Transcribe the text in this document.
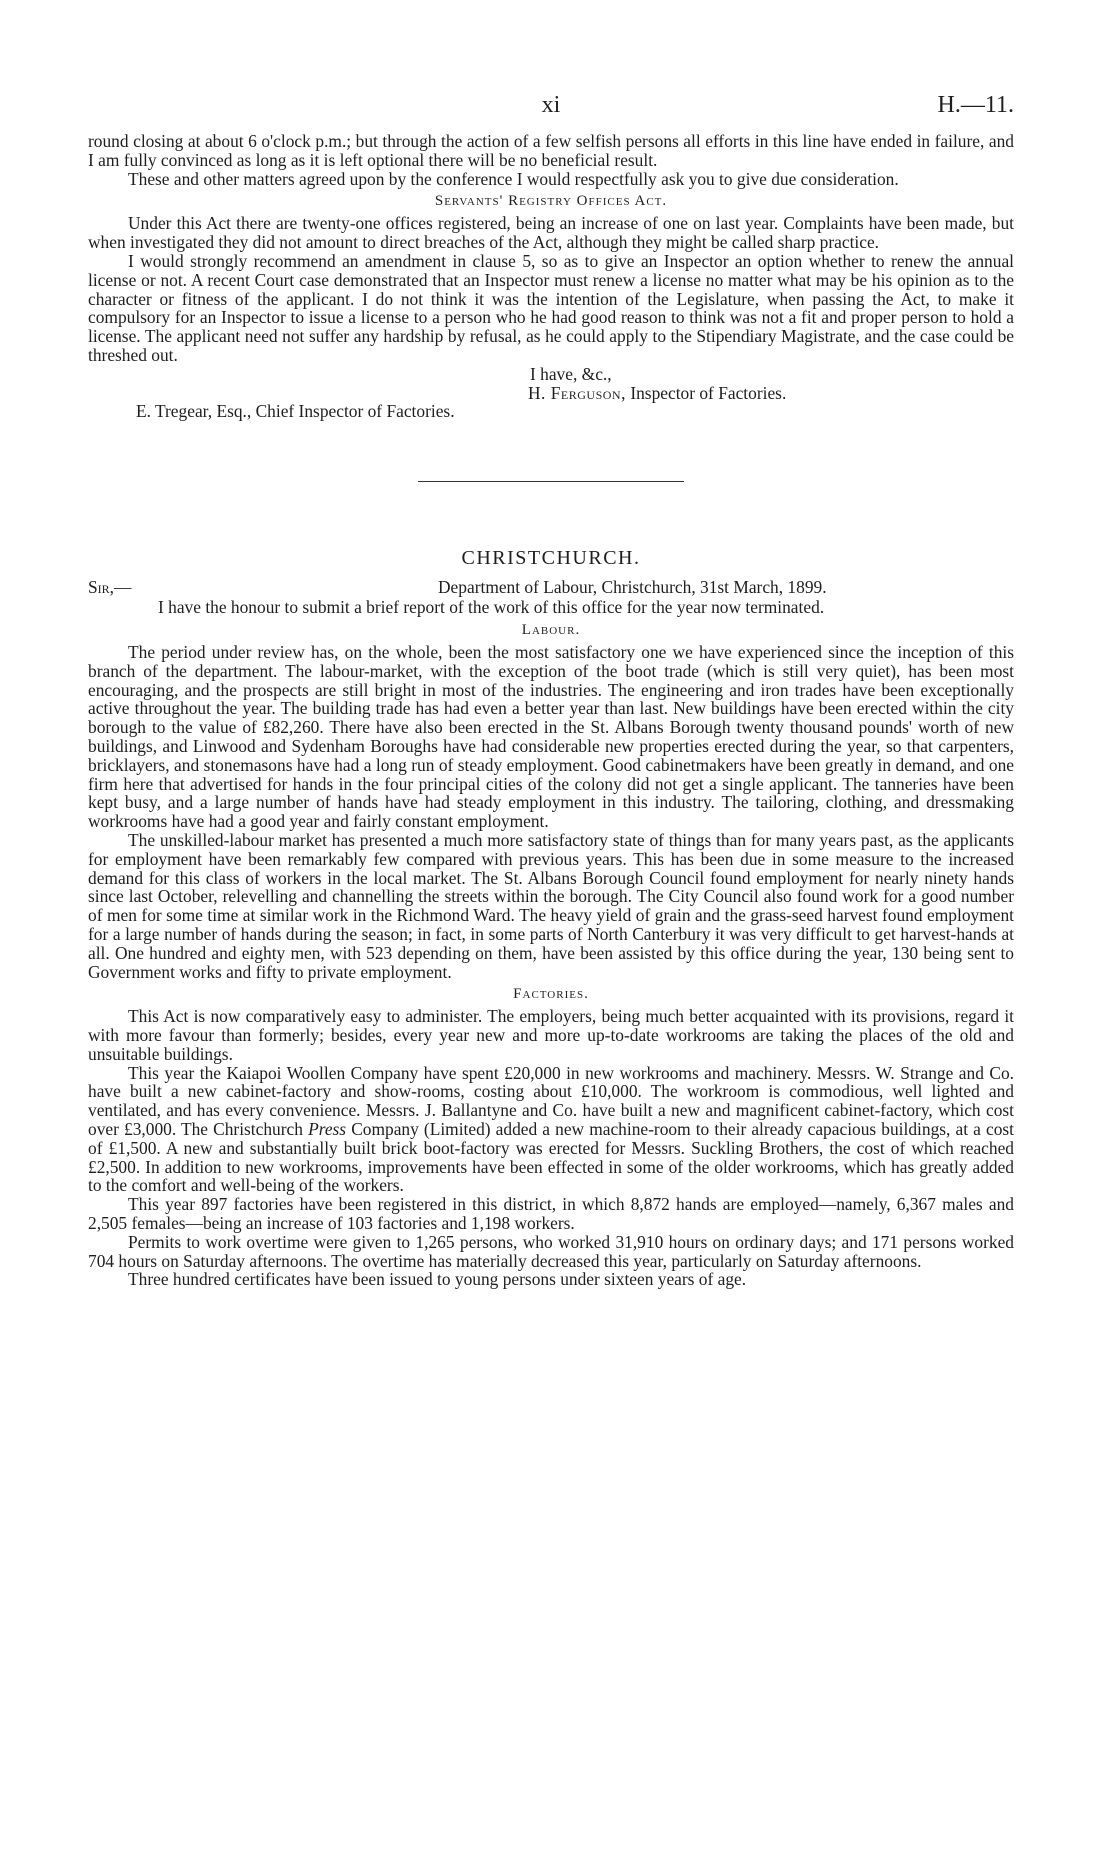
xi	H.—11.

round closing at about 6 o'clock p.m.; but through the action of a few selfish persons all efforts in this line have ended in failure, and I am fully convinced as long as it is left optional there will be no beneficial result.

These and other matters agreed upon by the conference I would respectfully ask you to give due consideration.

Servants' Registry Offices Act.

Under this Act there are twenty-one offices registered, being an increase of one on last year. Complaints have been made, but when investigated they did not amount to direct breaches of the Act, although they might be called sharp practice.

I would strongly recommend an amendment in clause 5, so as to give an Inspector an option whether to renew the annual license or not. A recent Court case demonstrated that an Inspector must renew a license no matter what may be his opinion as to the character or fitness of the applicant. I do not think it was the intention of the Legislature, when passing the Act, to make it compulsory for an Inspector to issue a license to a person who he had good reason to think was not a fit and proper person to hold a license. The applicant need not suffer any hardship by refusal, as he could apply to the Stipendiary Magistrate, and the case could be threshed out.

I have, &c.,
H. Ferguson, Inspector of Factories.
E. Tregear, Esq., Chief Inspector of Factories.
CHRISTCHURCH.
Sir,—	Department of Labour, Christchurch, 31st March, 1899.

I have the honour to submit a brief report of the work of this office for the year now terminated.

Labour.

The period under review has, on the whole, been the most satisfactory one we have experienced since the inception of this branch of the department. The labour-market, with the exception of the boot trade (which is still very quiet), has been most encouraging, and the prospects are still bright in most of the industries. The engineering and iron trades have been exceptionally active throughout the year. The building trade has had even a better year than last. New buildings have been erected within the city borough to the value of £82,260. There have also been erected in the St. Albans Borough twenty thousand pounds' worth of new buildings, and Linwood and Sydenham Boroughs have had considerable new properties erected during the year, so that carpenters, bricklayers, and stonemasons have had a long run of steady employment. Good cabinetmakers have been greatly in demand, and one firm here that advertised for hands in the four principal cities of the colony did not get a single applicant. The tanneries have been kept busy, and a large number of hands have had steady employment in this industry. The tailoring, clothing, and dressmaking workrooms have had a good year and fairly constant employment.

The unskilled-labour market has presented a much more satisfactory state of things than for many years past, as the applicants for employment have been remarkably few compared with previous years. This has been due in some measure to the increased demand for this class of workers in the local market. The St. Albans Borough Council found employment for nearly ninety hands since last October, relevelling and channelling the streets within the borough. The City Council also found work for a good number of men for some time at similar work in the Richmond Ward. The heavy yield of grain and the grass-seed harvest found employment for a large number of hands during the season; in fact, in some parts of North Canterbury it was very difficult to get harvest-hands at all. One hundred and eighty men, with 523 depending on them, have been assisted by this office during the year, 130 being sent to Government works and fifty to private employment.

Factories.

This Act is now comparatively easy to administer. The employers, being much better acquainted with its provisions, regard it with more favour than formerly; besides, every year new and more up-to-date workrooms are taking the places of the old and unsuitable buildings.

This year the Kaiapoi Woollen Company have spent £20,000 in new workrooms and machinery. Messrs. W. Strange and Co. have built a new cabinet-factory and show-rooms, costing about £10,000. The workroom is commodious, well lighted and ventilated, and has every convenience. Messrs. J. Ballantyne and Co. have built a new and magnificent cabinet-factory, which cost over £3,000. The Christchurch Press Company (Limited) added a new machine-room to their already capacious buildings, at a cost of £1,500. A new and substantially built brick boot-factory was erected for Messrs. Suckling Brothers, the cost of which reached £2,500. In addition to new workrooms, improvements have been effected in some of the older workrooms, which has greatly added to the comfort and well-being of the workers.

This year 897 factories have been registered in this district, in which 8,872 hands are employed—namely, 6,367 males and 2,505 females—being an increase of 103 factories and 1,198 workers.

Permits to work overtime were given to 1,265 persons, who worked 31,910 hours on ordinary days; and 171 persons worked 704 hours on Saturday afternoons. The overtime has materially decreased this year, particularly on Saturday afternoons.

Three hundred certificates have been issued to young persons under sixteen years of age.
